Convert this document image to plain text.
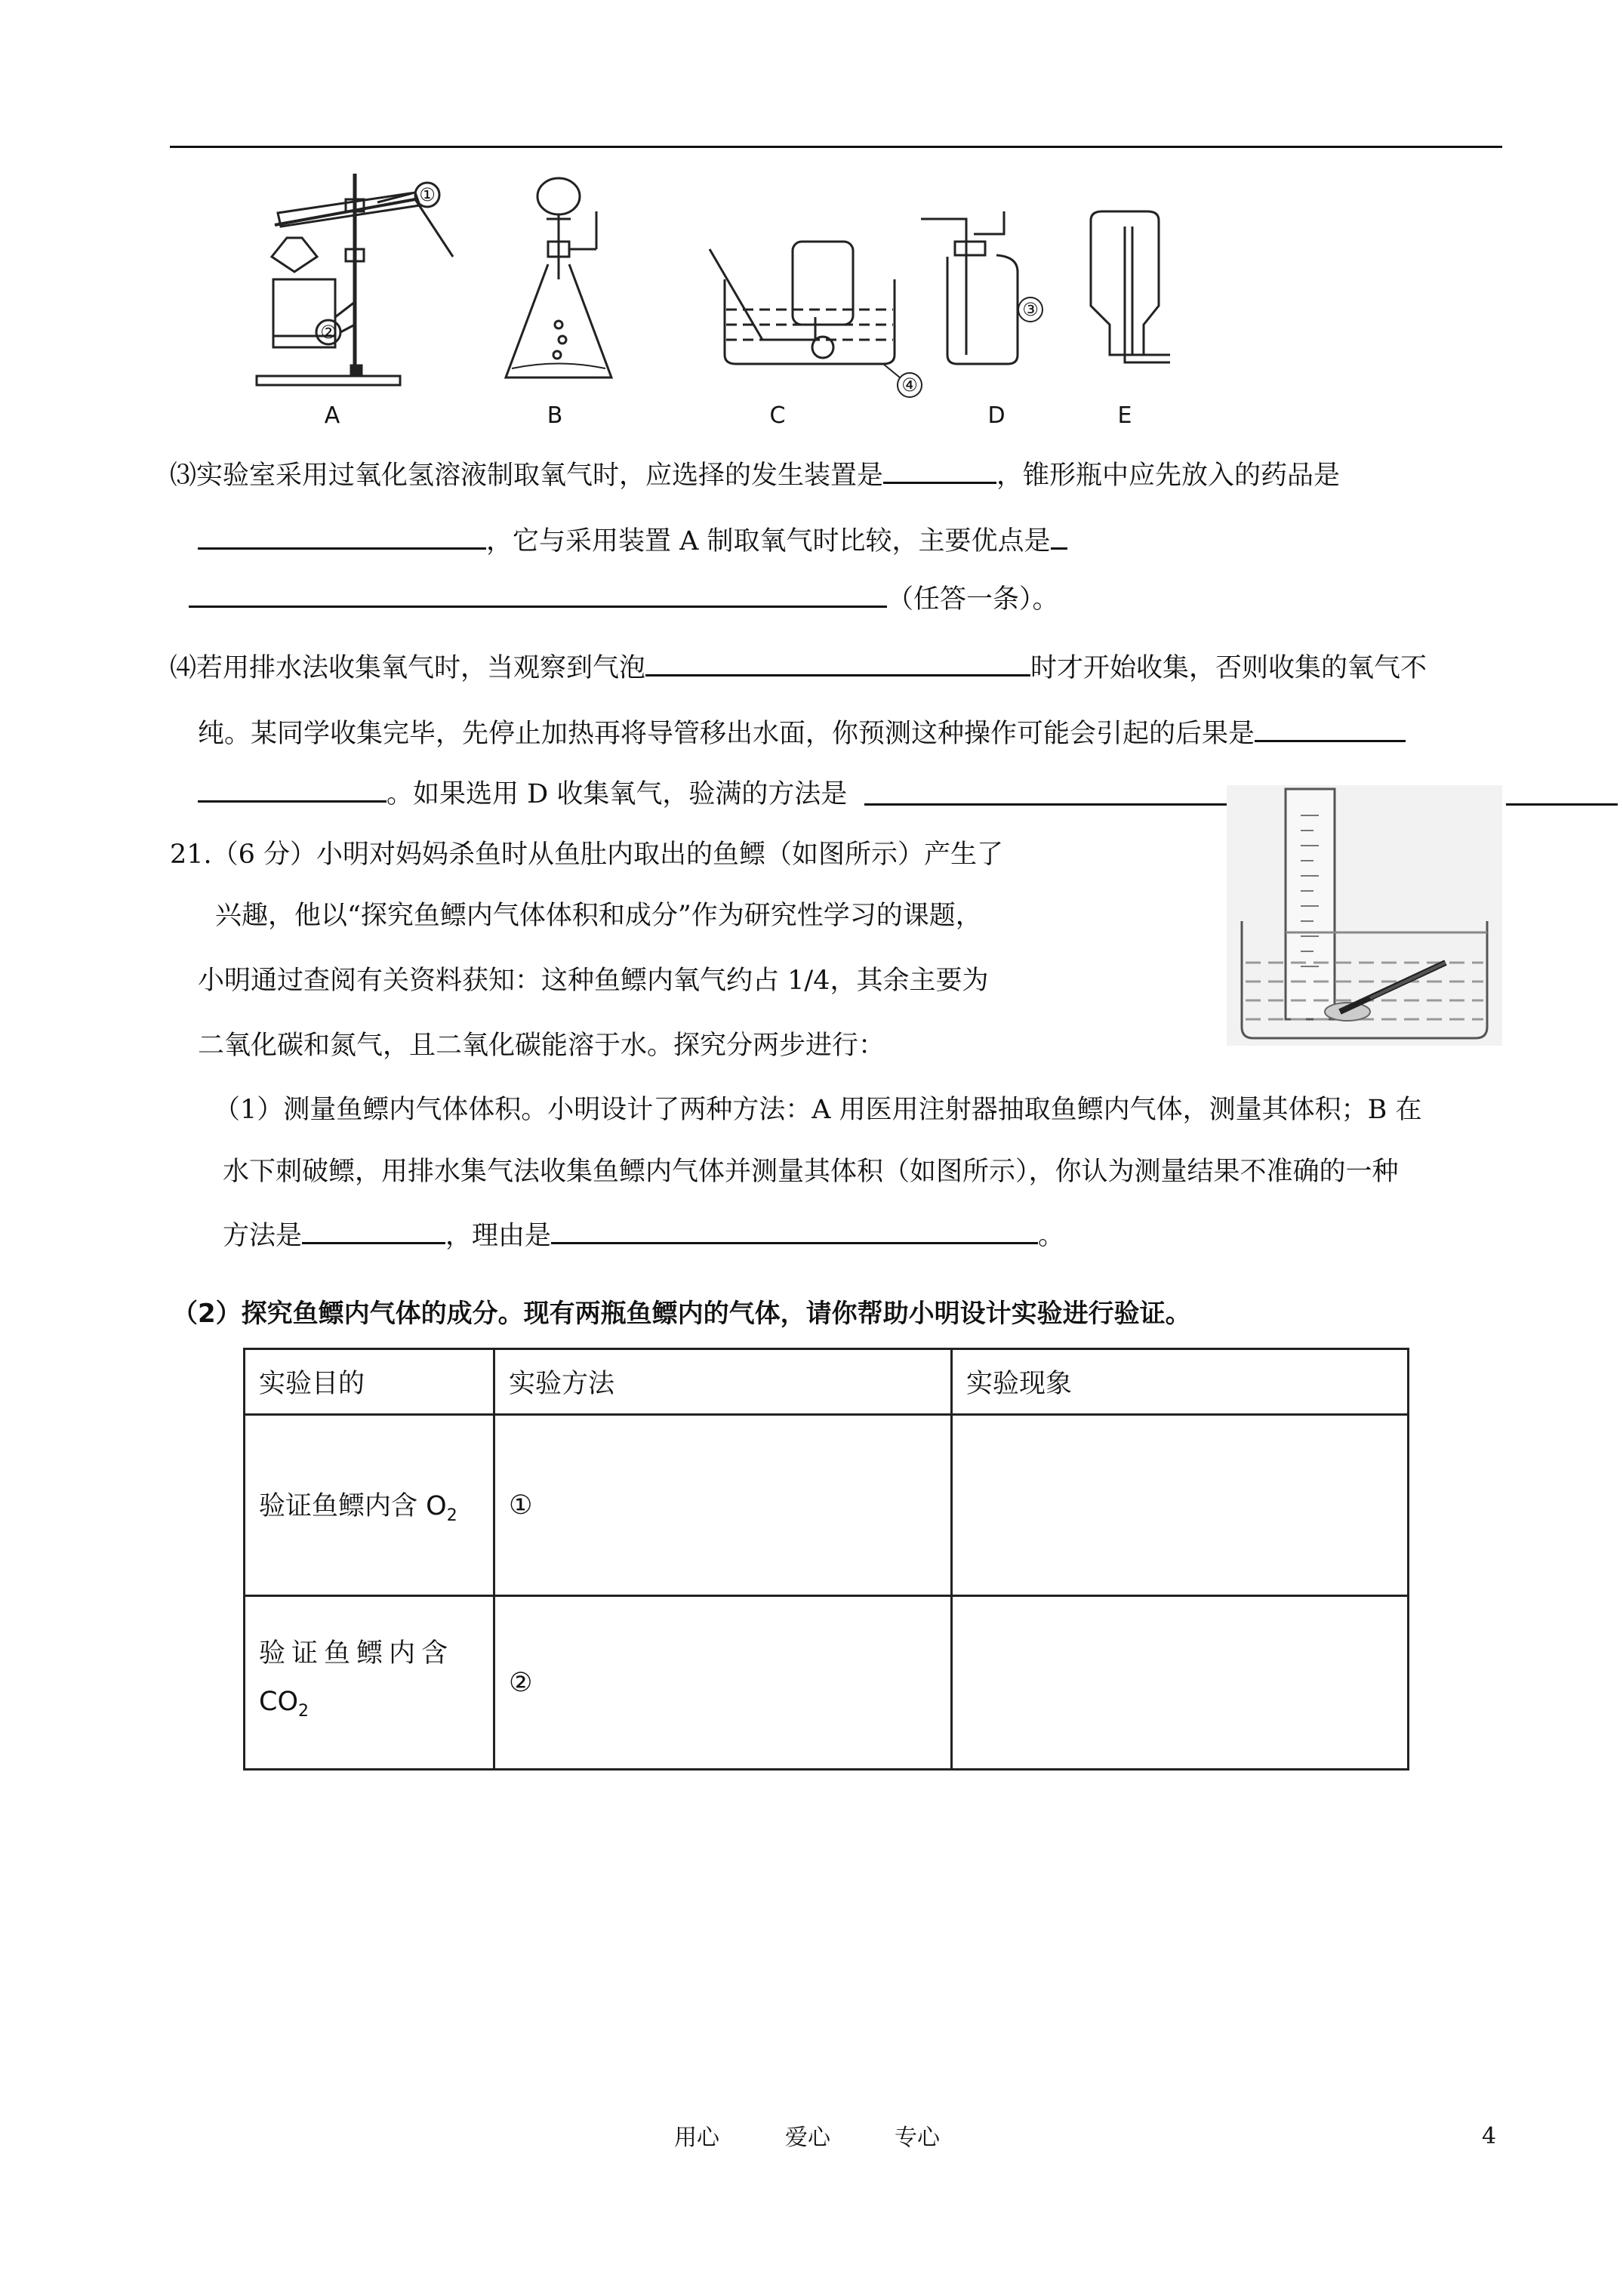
①
②
③
④
A	B	C	D	E
⑶实验室采用过氧化氢溶液制取氧气时，应选择的发生装置是	，锥形瓶中应先放入的药品是
，它与采用装置 A 制取氧气时比较，主要优点是
（任答一条）。
⑷若用排水法收集氧气时，当观察到气泡	时才开始收集，否则收集的氧气不
纯。某同学收集完毕，先停止加热再将导管移出水面，你预测这种操作可能会引起的后果是
。如果选用 D 收集氧气，验满的方法是
21.（6 分）小明对妈妈杀鱼时从鱼肚内取出的鱼鳔（如图所示）产生了
兴趣，他以“探究鱼鳔内气体体积和成分”作为研究性学习的课题，
小明通过查阅有关资料获知：这种鱼鳔内氧气约占 1/4，其余主要为
二氧化碳和氮气，且二氧化碳能溶于水。探究分两步进行：
（1）测量鱼鳔内气体体积。小明设计了两种方法：A 用医用注射器抽取鱼鳔内气体，测量其体积；B 在
水下刺破鳔，用排水集气法收集鱼鳔内气体并测量其体积（如图所示），你认为测量结果不准确的一种
方法是	，理由是	。
（2）探究鱼鳔内气体的成分。现有两瓶鱼鳔内的气体，请你帮助小明设计实验进行验证。
实验目的	实验方法	实验现象
验证鱼鳔内含 $O_2$	①	
验证鱼鳔内含
$CO_2$	②	
用心	爱心	专心	4
